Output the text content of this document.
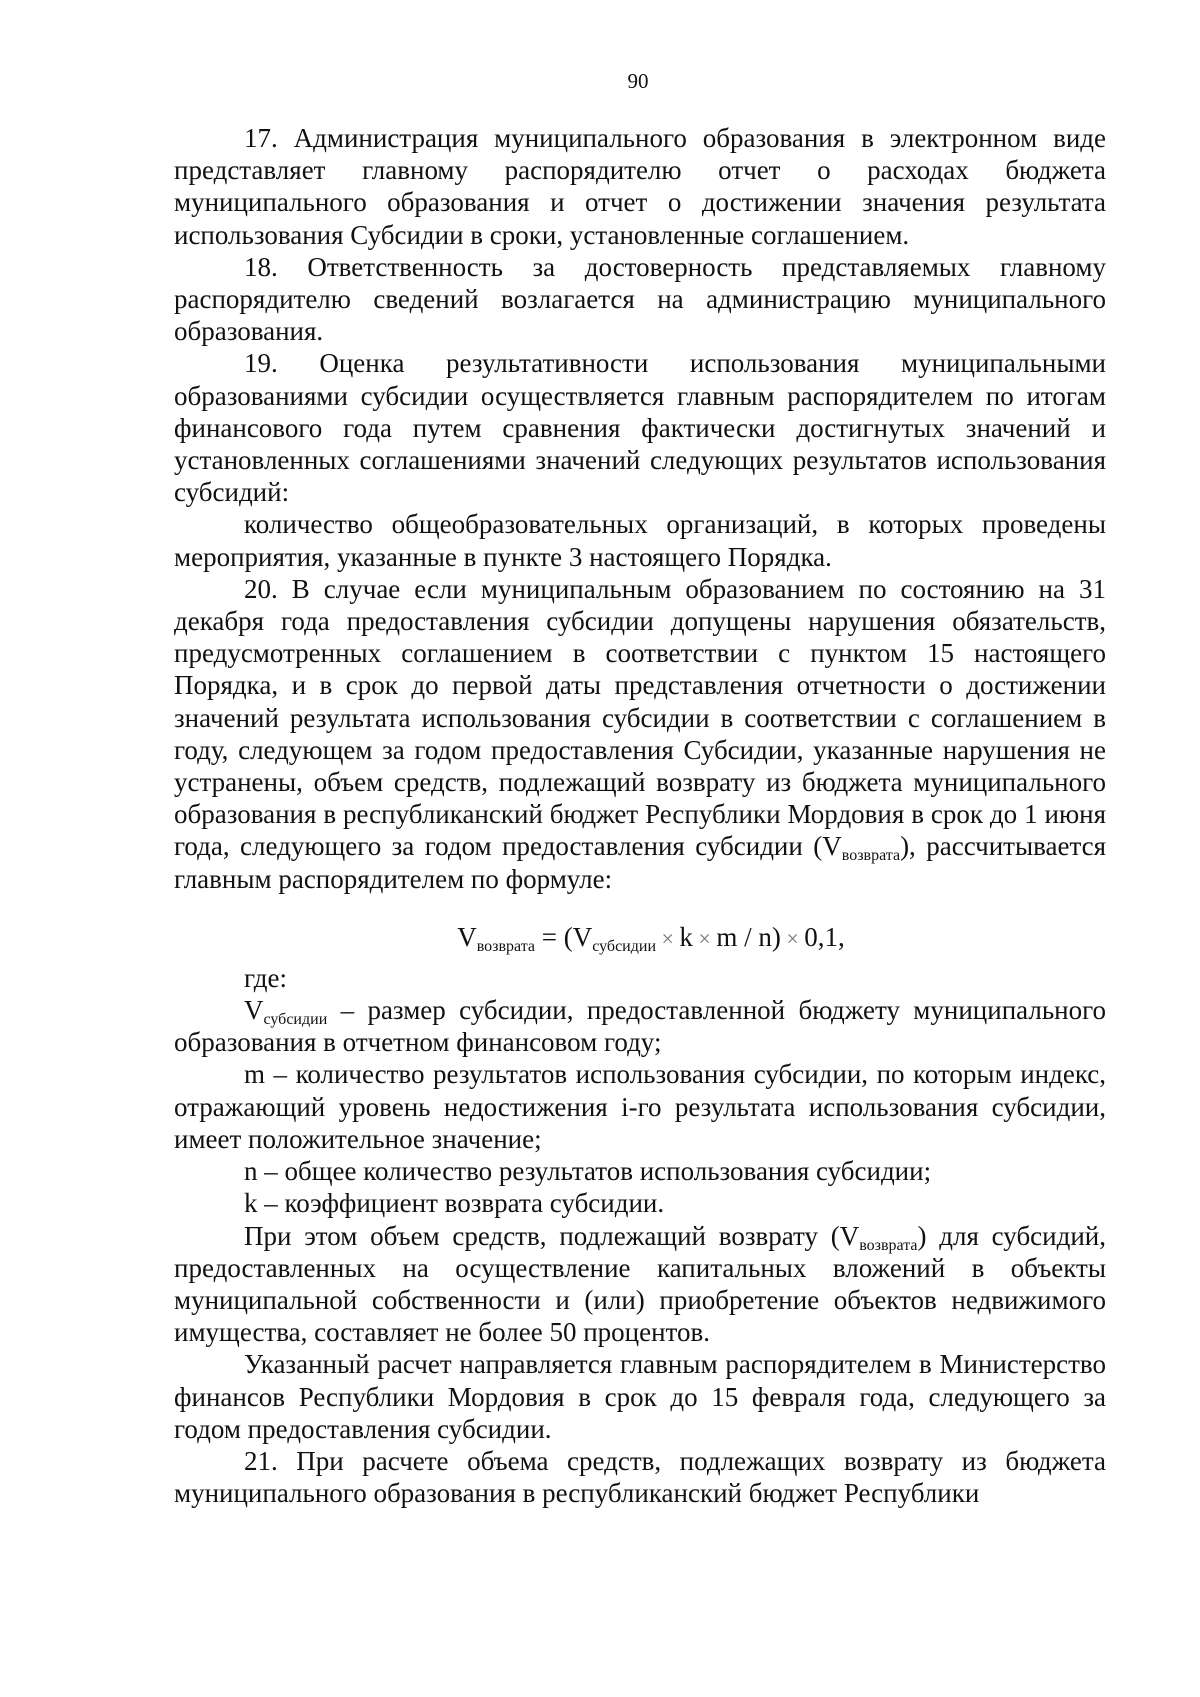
90

17. Администрация муниципального образования в электронном виде представляет главному распорядителю отчет о расходах бюджета муниципального образования и отчет о достижении значения результата использования Субсидии в сроки, установленные соглашением.

18. Ответственность за достоверность представляемых главному распорядителю сведений возлагается на администрацию муниципального образования.

19. Оценка результативности использования муниципальными образованиями субсидии осуществляется главным распорядителем по итогам финансового года путем сравнения фактически достигнутых значений и установленных соглашениями значений следующих результатов использования субсидий:

количество общеобразовательных организаций, в которых проведены мероприятия, указанные в пункте 3 настоящего Порядка.

20. В случае если муниципальным образованием по состоянию на 31 декабря года предоставления субсидии допущены нарушения обязательств, предусмотренных соглашением в соответствии с пунктом 15 настоящего Порядка, и в срок до первой даты представления отчетности о достижении значений результата использования субсидии в соответствии с соглашением в году, следующем за годом предоставления Субсидии, указанные нарушения не устранены, объем средств, подлежащий возврату из бюджета муниципального образования в республиканский бюджет Республики Мордовия в срок до 1 июня года, следующего за годом предоставления субсидии $(V_{возврата})$, рассчитывается главным распорядителем по формуле:

$V_{возврата} = (V_{субсидии} \times k \times m / n) \times 0,1$,

где:

$V_{субсидии}$ – размер субсидии, предоставленной бюджету муниципального образования в отчетном финансовом году;

m – количество результатов использования субсидии, по которым индекс, отражающий уровень недостижения i-го результата использования субсидии, имеет положительное значение;

n – общее количество результатов использования субсидии;

k – коэффициент возврата субсидии.

При этом объем средств, подлежащий возврату $(V_{возврата})$ для субсидий, предоставленных на осуществление капитальных вложений в объекты муниципальной собственности и (или) приобретение объектов недвижимого имущества, составляет не более 50 процентов.

Указанный расчет направляется главным распорядителем в Министерство финансов Республики Мордовия в срок до 15 февраля года, следующего за годом предоставления субсидии.

21. При расчете объема средств, подлежащих возврату из бюджета муниципального образования в республиканский бюджет Республики
